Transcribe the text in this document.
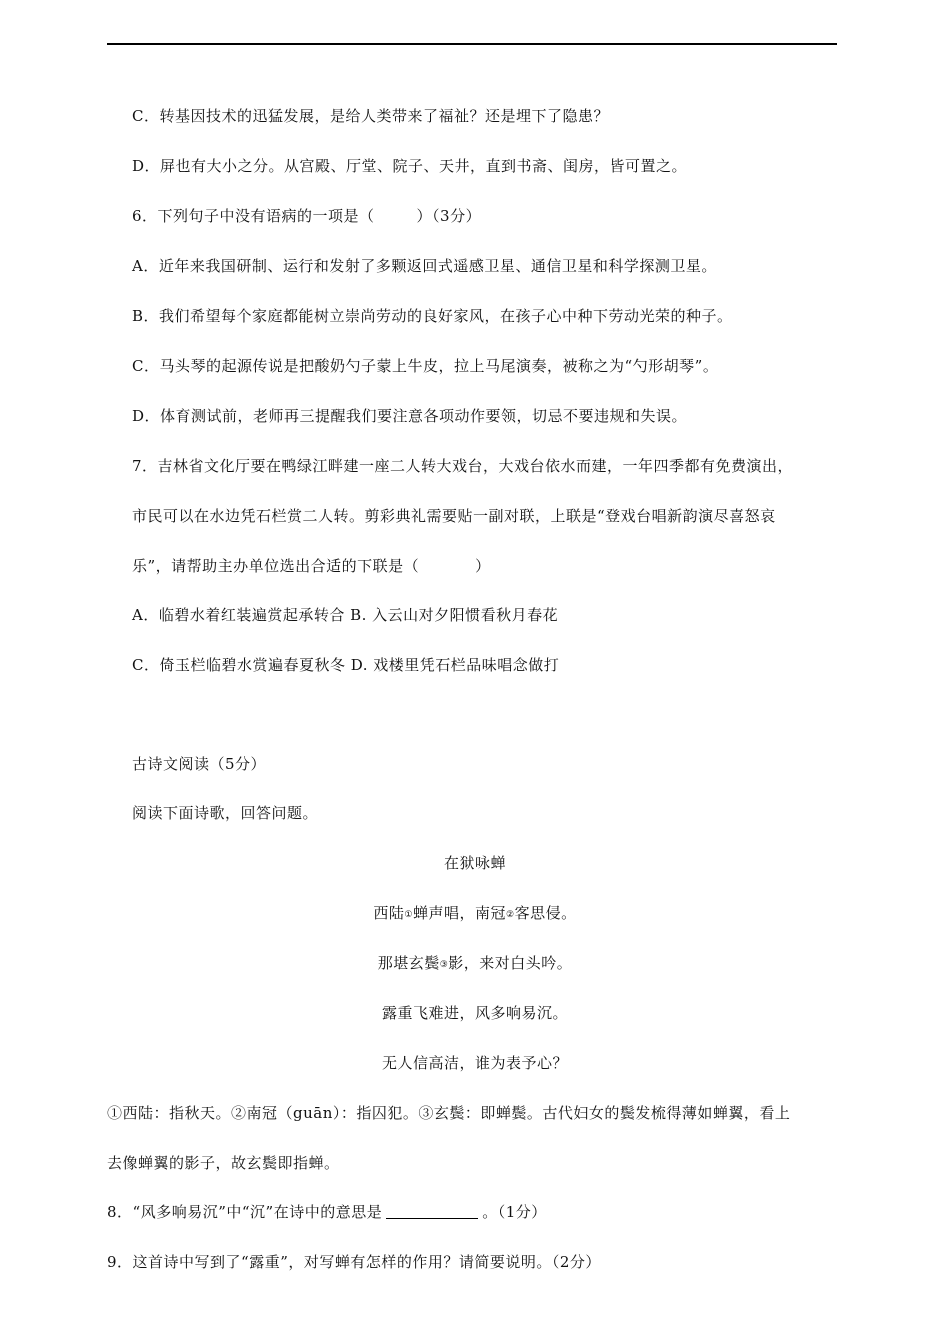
C．转基因技术的迅猛发展，是给人类带来了福祉？还是埋下了隐患？
D．屏也有大小之分。从宫殿、厅堂、院子、天井，直到书斋、闺房，皆可置之。
6．下列句子中没有语病的一项是（	）（3分）
A．近年来我国研制、运行和发射了多颗返回式遥感卫星、通信卫星和科学探测卫星。
B．我们希望每个家庭都能树立崇尚劳动的良好家风，在孩子心中种下劳动光荣的种子。
C．马头琴的起源传说是把酸奶勺子蒙上牛皮，拉上马尾演奏，被称之为“勺形胡琴”。
D．体育测试前，老师再三提醒我们要注意各项动作要领，切忌不要违规和失误。
7．吉林省文化厅要在鸭绿江畔建一座二人转大戏台，大戏台依水而建，一年四季都有免费演出，
市民可以在水边凭石栏赏二人转。剪彩典礼需要贴一副对联，上联是“登戏台唱新韵演尽喜怒哀
乐”，请帮助主办单位选出合适的下联是（	）
A．临碧水着红装遍赏起承转合 B. 入云山对夕阳惯看秋月春花
C．倚玉栏临碧水赏遍春夏秋冬 D. 戏楼里凭石栏品味唱念做打
古诗文阅读（5分）
阅读下面诗歌，回答问题。
在狱咏蝉
西陆①蝉声唱，南冠②客思侵。
那堪玄鬓③影，来对白头吟。
露重飞难进，风多响易沉。
无人信高洁，谁为表予心？
①西陆：指秋天。②南冠（guān）：指囚犯。③玄鬓：即蝉鬓。古代妇女的鬓发梳得薄如蝉翼，看上
去像蝉翼的影子，故玄鬓即指蝉。
8．“风多响易沉”中“沉”在诗中的意思是	。（1分）
9．这首诗中写到了“露重”，对写蝉有怎样的作用？请简要说明。（2分）
